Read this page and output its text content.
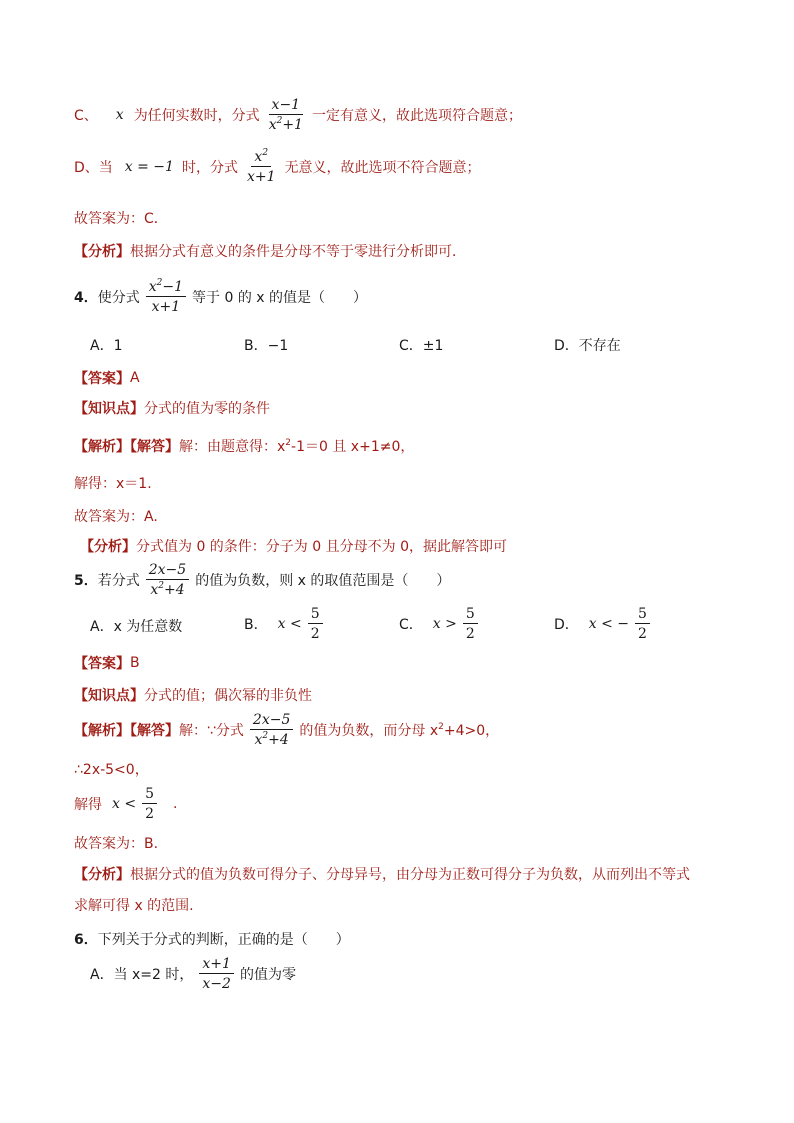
C、 x 为任何实数时，分式 $\frac{x-1}{x^2+1}$ 一定有意义，故此选项符合题意；
D、当 x = −1 时，分式 $\frac{x^2}{x+1}$ 无意义，故此选项不符合题意；
故答案为：C．
【分析】 根据分式有意义的条件是分母不等于零进行分析即可．
4． 使分式 $\frac{x^2-1}{x+1}$ 等于 0 的 x 的值是（　　）
A．1	B．−1	C．±1	D．不存在
【答案】 A
【知识点】 分式的值为零的条件
【解析】【解答】 解：由题意得：$x^2-1=0$ 且 x+1≠0，
解得：x＝1.
故答案为：A.
【分析】 分式值为 0 的条件：分子为 0 且分母不为 0，据此解答即可
5． 若分式 $\frac{2x-5}{x^2+4}$ 的值为负数，则 x 的取值范围是（　　）
A．x 为任意数	B． $x < \frac{5}{2}$	C． $x > \frac{5}{2}$	D． x < − $\frac{5}{2}$
【答案】 B
【知识点】 分式的值；偶次幂的非负性
【解析】【解答】 解：∵分式 $\frac{2x-5}{x^2+4}$ 的值为负数，而分母 $x^2+4>0$，
∴2x-5<0，
解得 $x < \frac{5}{2}$ .
故答案为：B.
【分析】 根据分式的值为负数可得分子、分母异号，由分母为正数可得分子为负数，从而列出不等式
求解可得 x 的范围.
6． 下列关于分式的判断，正确的是（　　）
A．当 x=2 时， $\frac{x+1}{x-2}$ 的值为零
